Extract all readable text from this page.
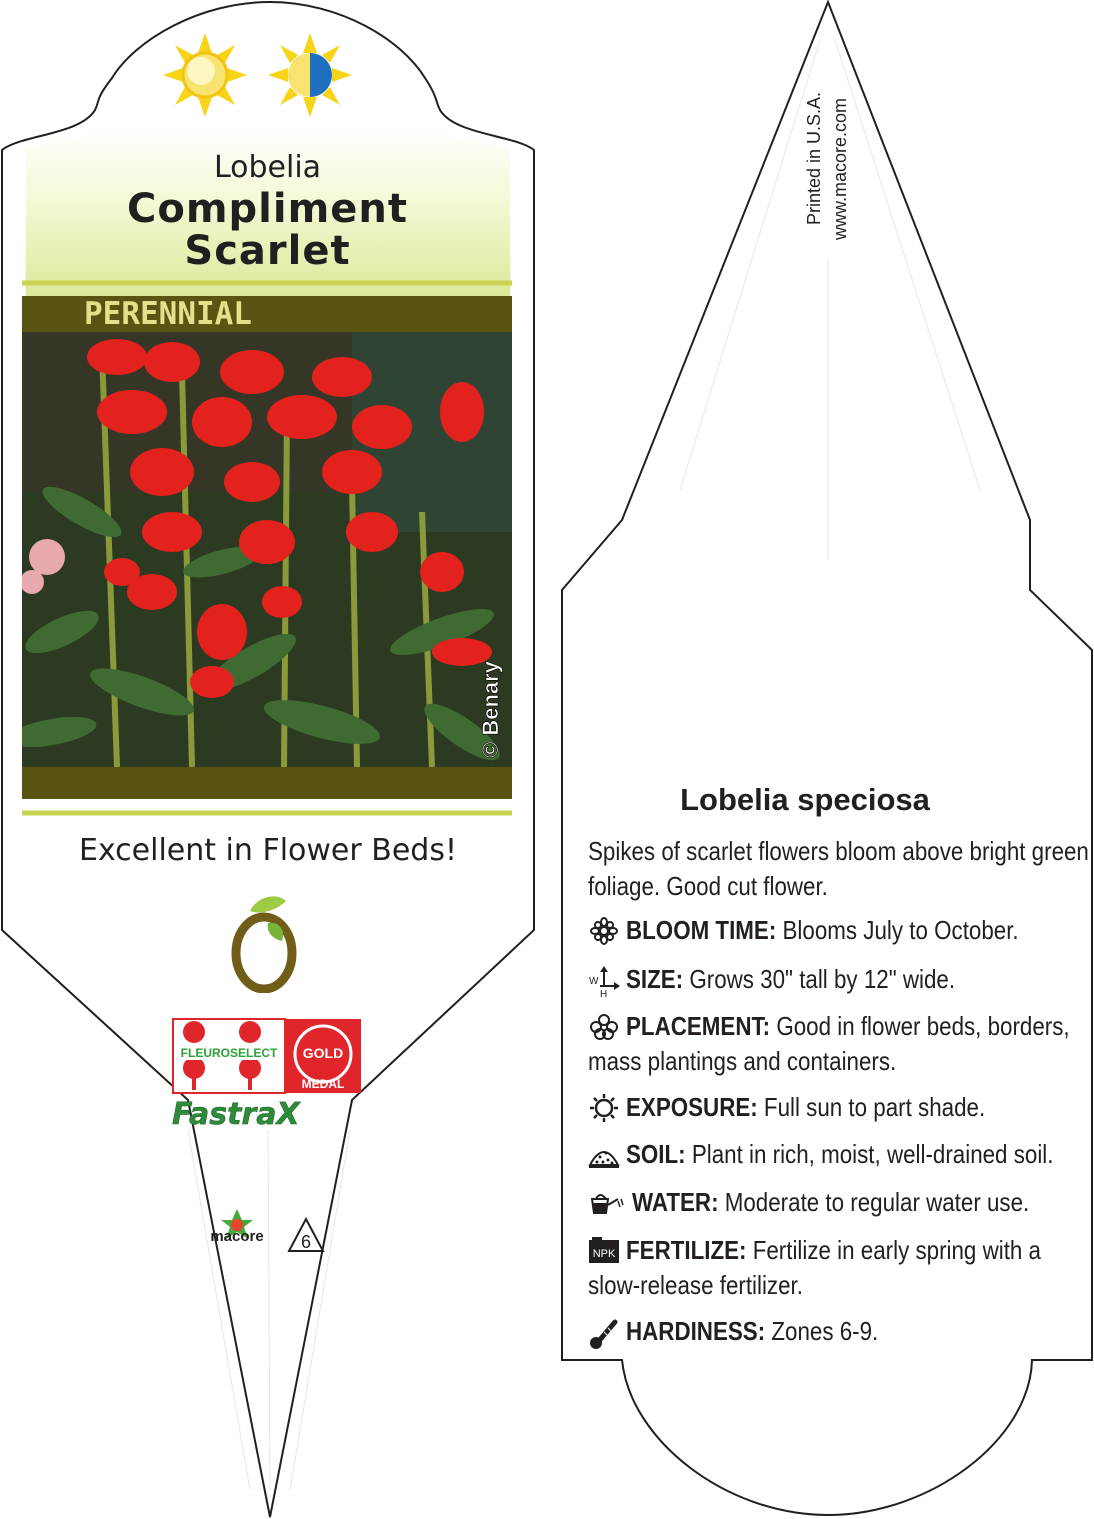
Lobelia
Compliment
Scarlet
PERENNIAL
© Benary
Excellent in Flower Beds!
FLEUROSELECT GOLD
MEDAL
FastraX
macore 6
Printed in U.S.A. www.macore.com
Lobelia speciosa
Spikes of scarlet flowers bloom above bright green
foliage. Good cut flower.
BLOOM TIME: Blooms July to October.
W
H
SIZE: Grows 30" tall by 12" wide.
PLACEMENT: Good in flower beds, borders,
mass plantings and containers.
EXPOSURE: Full sun to part shade.
SOIL: Plant in rich, moist, well-drained soil.
WATER: Moderate to regular water use.
NPK FERTILIZE: Fertilize in early spring with a
slow-release fertilizer.
HARDINESS: Zones 6-9.
